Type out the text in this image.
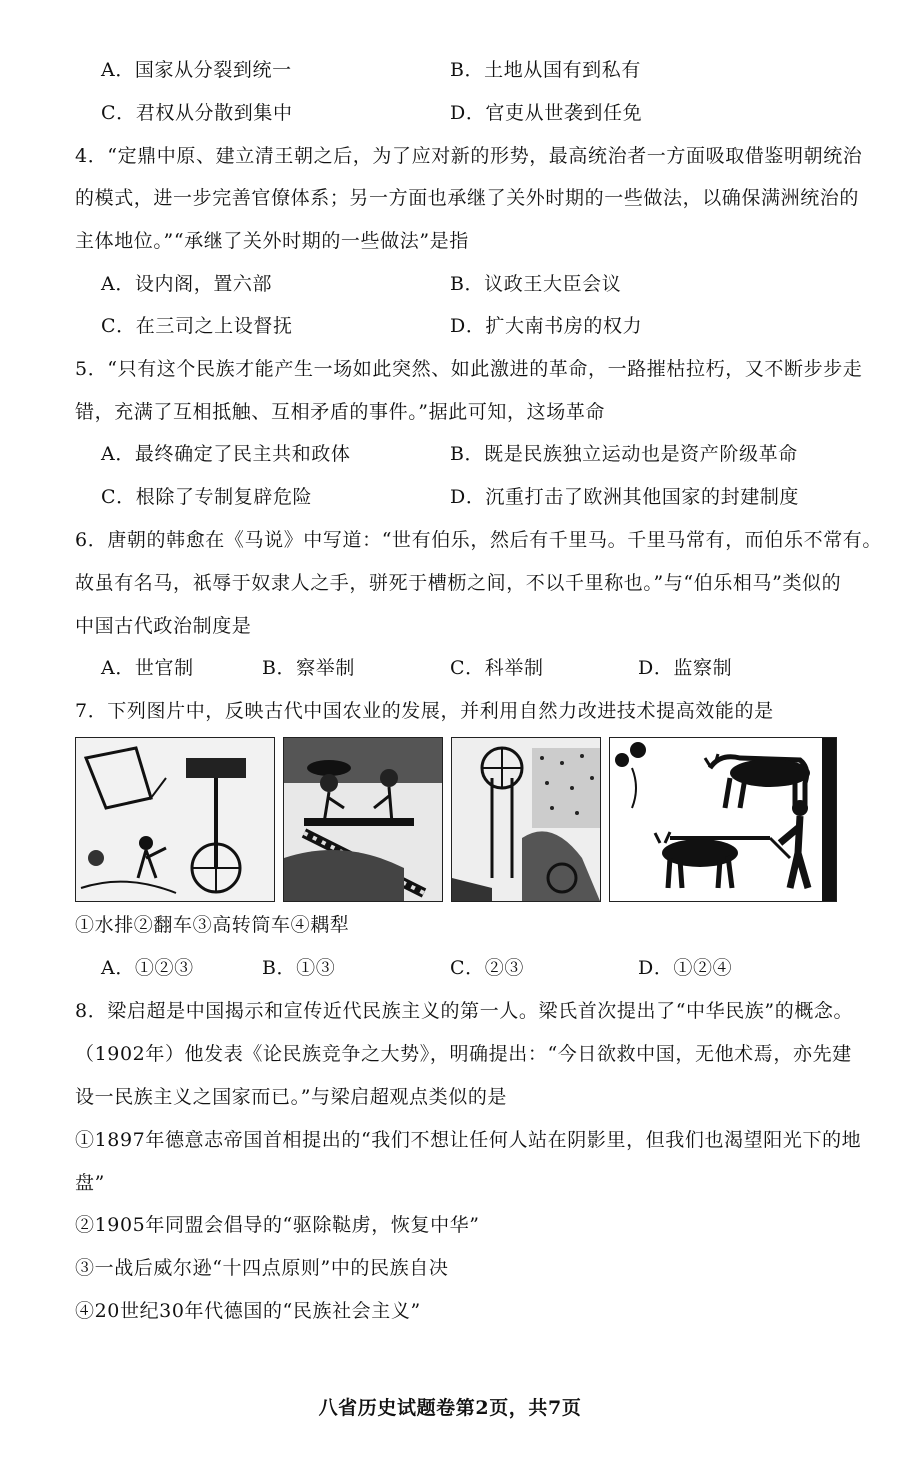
A．国家从分裂到统一	B．土地从国有到私有
C．君权从分散到集中	D．官吏从世袭到任免
4．“定鼎中原、建立清王朝之后，为了应对新的形势，最高统治者一方面吸取借鉴明朝统治
的模式，进一步完善官僚体系；另一方面也承继了关外时期的一些做法，以确保满洲统治的
主体地位。”“承继了关外时期的一些做法”是指
A．设内阁，置六部	B．议政王大臣会议
C．在三司之上设督抚	D．扩大南书房的权力
5．“只有这个民族才能产生一场如此突然、如此激进的革命，一路摧枯拉朽，又不断步步走
错，充满了互相抵触、互相矛盾的事件。”据此可知，这场革命
A．最终确定了民主共和政体	B．既是民族独立运动也是资产阶级革命
C．根除了专制复辟危险	D．沉重打击了欧洲其他国家的封建制度
6．唐朝的韩愈在《马说》中写道：“世有伯乐，然后有千里马。千里马常有，而伯乐不常有。
故虽有名马，祇辱于奴隶人之手，骈死于槽枥之间，不以千里称也。”与“伯乐相马”类似的
中国古代政治制度是
A．世官制	B．察举制	C．科举制	D．监察制
7．下列图片中，反映古代中国农业的发展，并利用自然力改进技术提高效能的是
①水排②翻车③高转筒车④耦犁
A．①②③	B．①③	C．②③	D．①②④
8．梁启超是中国揭示和宣传近代民族主义的第一人。梁氏首次提出了“中华民族”的概念。
（1902年）他发表《论民族竞争之大势》，明确提出：“今日欲救中国，无他术焉，亦先建
设一民族主义之国家而已。”与梁启超观点类似的是
①1897年德意志帝国首相提出的“我们不想让任何人站在阴影里，但我们也渴望阳光下的地
盘”
②1905年同盟会倡导的“驱除鞑虏，恢复中华”
③一战后威尔逊“十四点原则”中的民族自决
④20世纪30年代德国的“民族社会主义”
八省历史试题卷第2页，共7页
